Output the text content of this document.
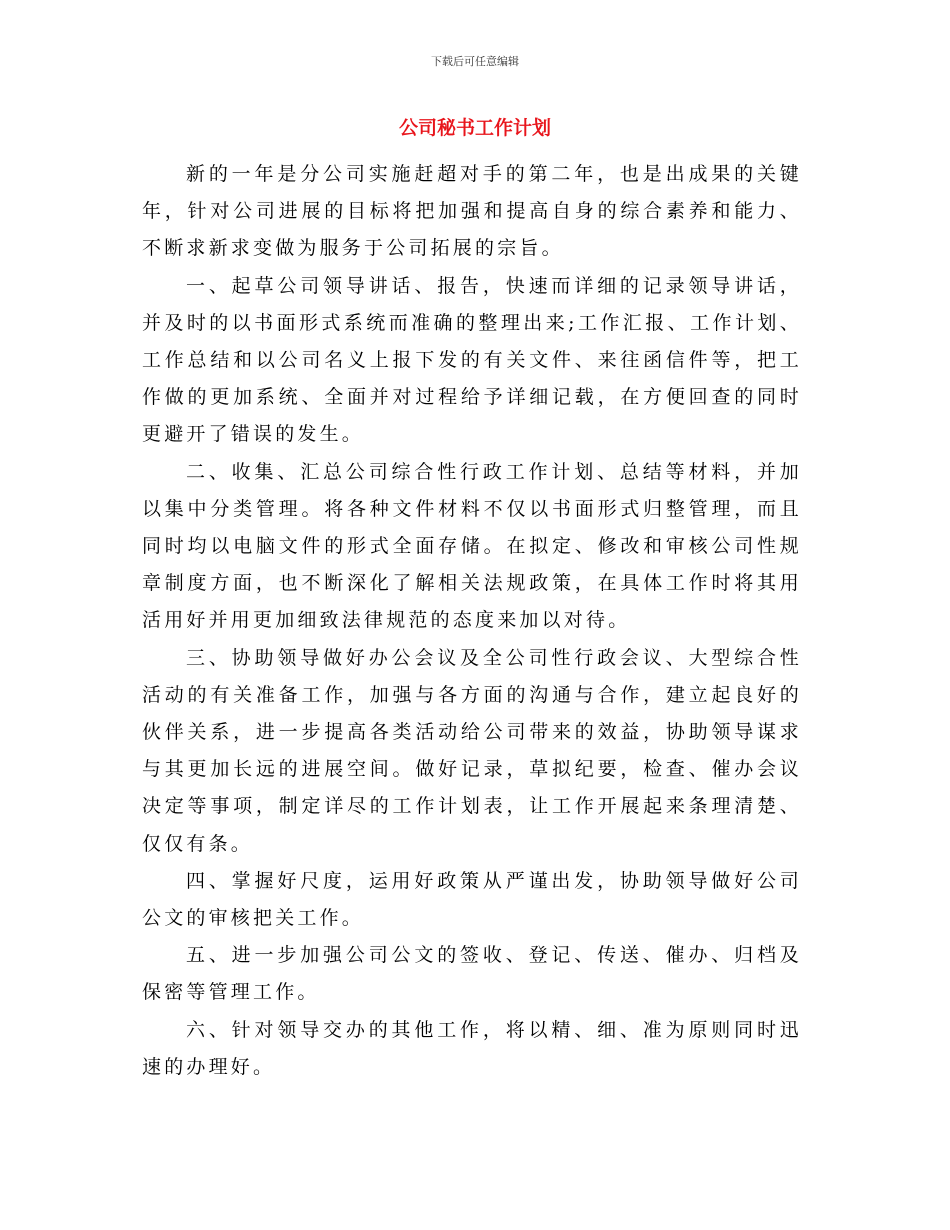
下载后可任意编辑
公司秘书工作计划

新的一年是分公司实施赶超对手的第二年，也是出成果的关键年，针对公司进展的目标将把加强和提高自身的综合素养和能力、不断求新求变做为服务于公司拓展的宗旨。

一、起草公司领导讲话、报告，快速而详细的记录领导讲话，并及时的以书面形式系统而准确的整理出来;工作汇报、工作计划、工作总结和以公司名义上报下发的有关文件、来往函信件等，把工作做的更加系统、全面并对过程给予详细记载，在方便回查的同时更避开了错误的发生。

二、收集、汇总公司综合性行政工作计划、总结等材料，并加以集中分类管理。将各种文件材料不仅以书面形式归整管理，而且同时均以电脑文件的形式全面存储。在拟定、修改和审核公司性规章制度方面，也不断深化了解相关法规政策，在具体工作时将其用活用好并用更加细致法律规范的态度来加以对待。

三、协助领导做好办公会议及全公司性行政会议、大型综合性活动的有关准备工作，加强与各方面的沟通与合作，建立起良好的伙伴关系，进一步提高各类活动给公司带来的效益，协助领导谋求与其更加长远的进展空间。做好记录，草拟纪要，检查、催办会议决定等事项，制定详尽的工作计划表，让工作开展起来条理清楚、仅仅有条。

四、掌握好尺度，运用好政策从严谨出发，协助领导做好公司公文的审核把关工作。

五、进一步加强公司公文的签收、登记、传送、催办、归档及保密等管理工作。

六、针对领导交办的其他工作，将以精、细、准为原则同时迅速的办理好。
